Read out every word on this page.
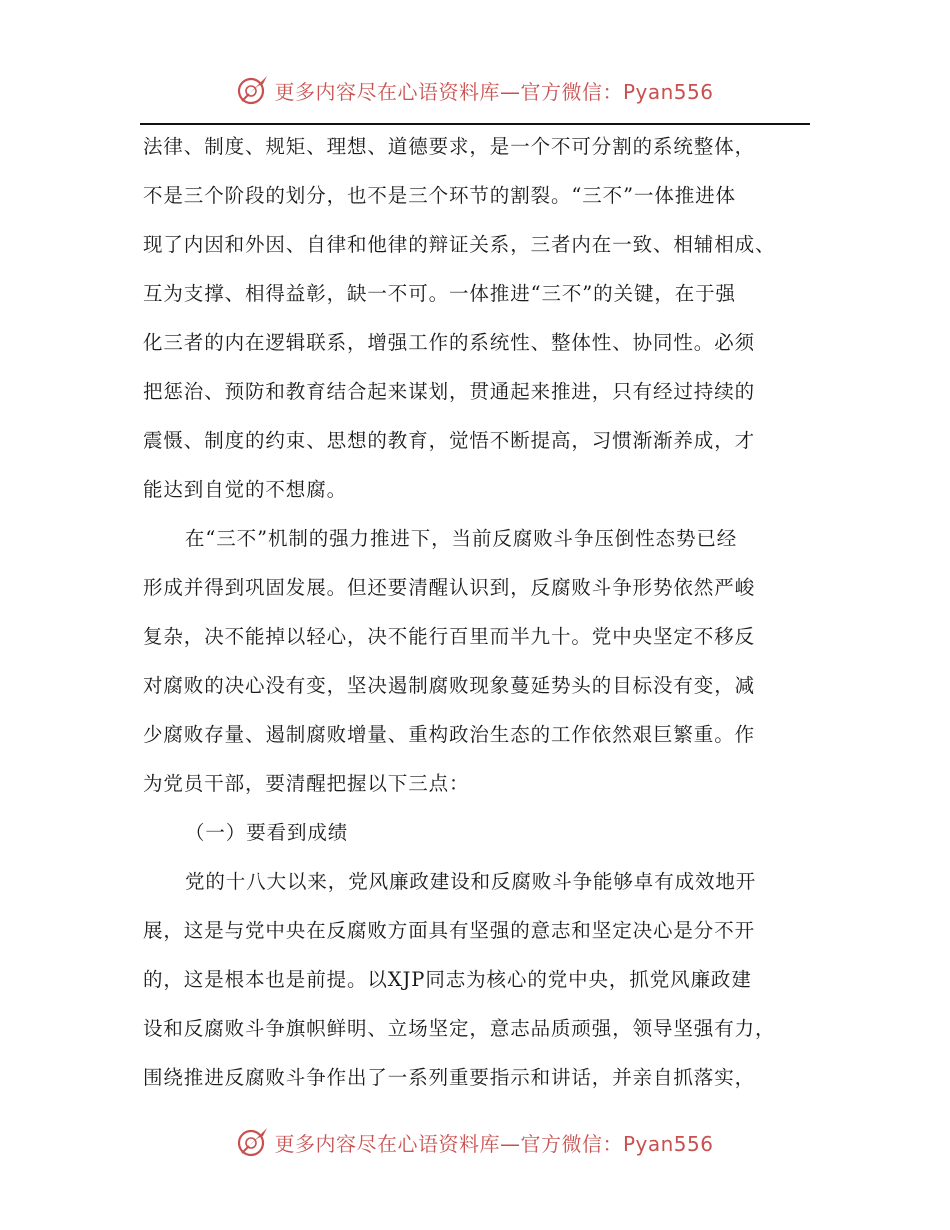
更多内容尽在心语资料库—官方微信：Pyan556
法律、制度、规矩、理想、道德要求，是一个不可分割的系统整体，
不是三个阶段的划分，也不是三个环节的割裂。“三不”一体推进体
现了内因和外因、自律和他律的辩证关系，三者内在一致、相辅相成、
互为支撑、相得益彰，缺一不可。一体推进“三不”的关键，在于强
化三者的内在逻辑联系，增强工作的系统性、整体性、协同性。必须
把惩治、预防和教育结合起来谋划，贯通起来推进，只有经过持续的
震慑、制度的约束、思想的教育，觉悟不断提高，习惯渐渐养成，才
能达到自觉的不想腐。
在“三不”机制的强力推进下，当前反腐败斗争压倒性态势已经
形成并得到巩固发展。但还要清醒认识到，反腐败斗争形势依然严峻
复杂，决不能掉以轻心，决不能行百里而半九十。党中央坚定不移反
对腐败的决心没有变，坚决遏制腐败现象蔓延势头的目标没有变，减
少腐败存量、遏制腐败增量、重构政治生态的工作依然艰巨繁重。作
为党员干部，要清醒把握以下三点：
（一）要看到成绩
党的十八大以来，党风廉政建设和反腐败斗争能够卓有成效地开
展，这是与党中央在反腐败方面具有坚强的意志和坚定决心是分不开
的，这是根本也是前提。以XJP同志为核心的党中央，抓党风廉政建
设和反腐败斗争旗帜鲜明、立场坚定，意志品质顽强，领导坚强有力，
围绕推进反腐败斗争作出了一系列重要指示和讲话，并亲自抓落实，
更多内容尽在心语资料库—官方微信：Pyan556
